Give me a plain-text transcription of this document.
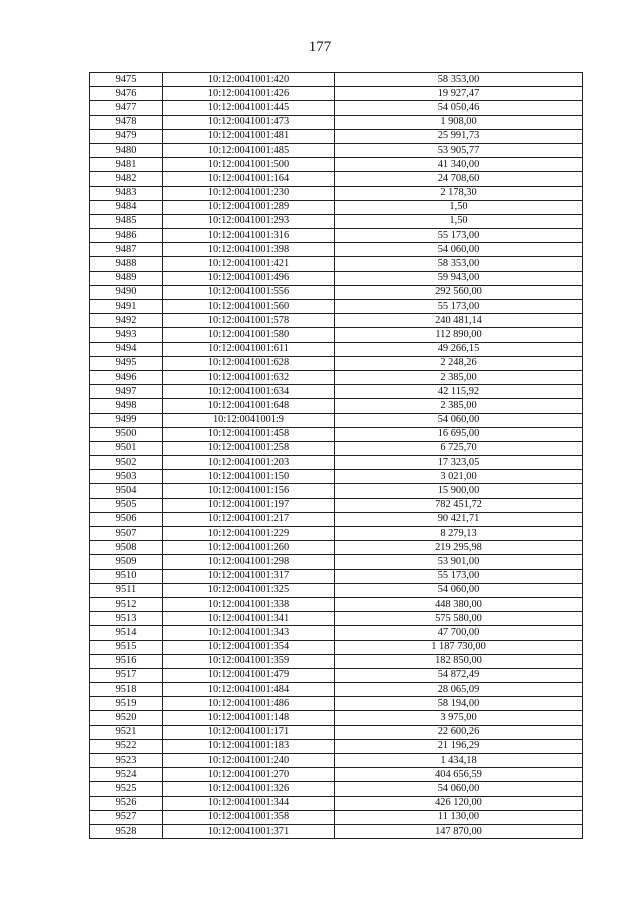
177
9475	10:12:0041001:420	58 353,00
9476	10:12:0041001:426	19 927,47
9477	10:12:0041001:445	54 050,46
9478	10:12:0041001:473	1 908,00
9479	10:12:0041001:481	25 991,73
9480	10:12:0041001:485	53 905,77
9481	10:12:0041001:500	41 340,00
9482	10:12:0041001:164	24 708,60
9483	10:12:0041001:230	2 178,30
9484	10:12:0041001:289	1,50
9485	10:12:0041001:293	1,50
9486	10:12:0041001:316	55 173,00
9487	10:12:0041001:398	54 060,00
9488	10:12:0041001:421	58 353,00
9489	10:12:0041001:496	59 943,00
9490	10:12:0041001:556	292 560,00
9491	10:12:0041001:560	55 173,00
9492	10:12:0041001:578	240 481,14
9493	10:12:0041001:580	112 890,00
9494	10:12:0041001:611	49 266,15
9495	10:12:0041001:628	2 248,26
9496	10:12:0041001:632	2 385,00
9497	10:12:0041001:634	42 115,92
9498	10:12:0041001:648	2 385,00
9499	10:12:0041001:9	54 060,00
9500	10:12:0041001:458	16 695,00
9501	10:12:0041001:258	6 725,70
9502	10:12:0041001:203	17 323,05
9503	10:12:0041001:150	3 021,00
9504	10:12:0041001:156	15 900,00
9505	10:12:0041001:197	782 451,72
9506	10:12:0041001:217	90 421,71
9507	10:12:0041001:229	8 279,13
9508	10:12:0041001:260	219 295,98
9509	10:12:0041001:298	53 901,00
9510	10:12:0041001:317	55 173,00
9511	10:12:0041001:325	54 060,00
9512	10:12:0041001:338	448 380,00
9513	10:12:0041001:341	575 580,00
9514	10:12:0041001:343	47 700,00
9515	10:12:0041001:354	1 187 730,00
9516	10:12:0041001:359	182 850,00
9517	10:12:0041001:479	54 872,49
9518	10:12:0041001:484	28 065,09
9519	10:12:0041001:486	58 194,00
9520	10:12:0041001:148	3 975,00
9521	10:12:0041001:171	22 600,26
9522	10:12:0041001:183	21 196,29
9523	10:12:0041001:240	1 434,18
9524	10:12:0041001:270	404 656,59
9525	10:12:0041001:326	54 060,00
9526	10:12:0041001:344	426 120,00
9527	10:12:0041001:358	11 130,00
9528	10:12:0041001:371	147 870,00
